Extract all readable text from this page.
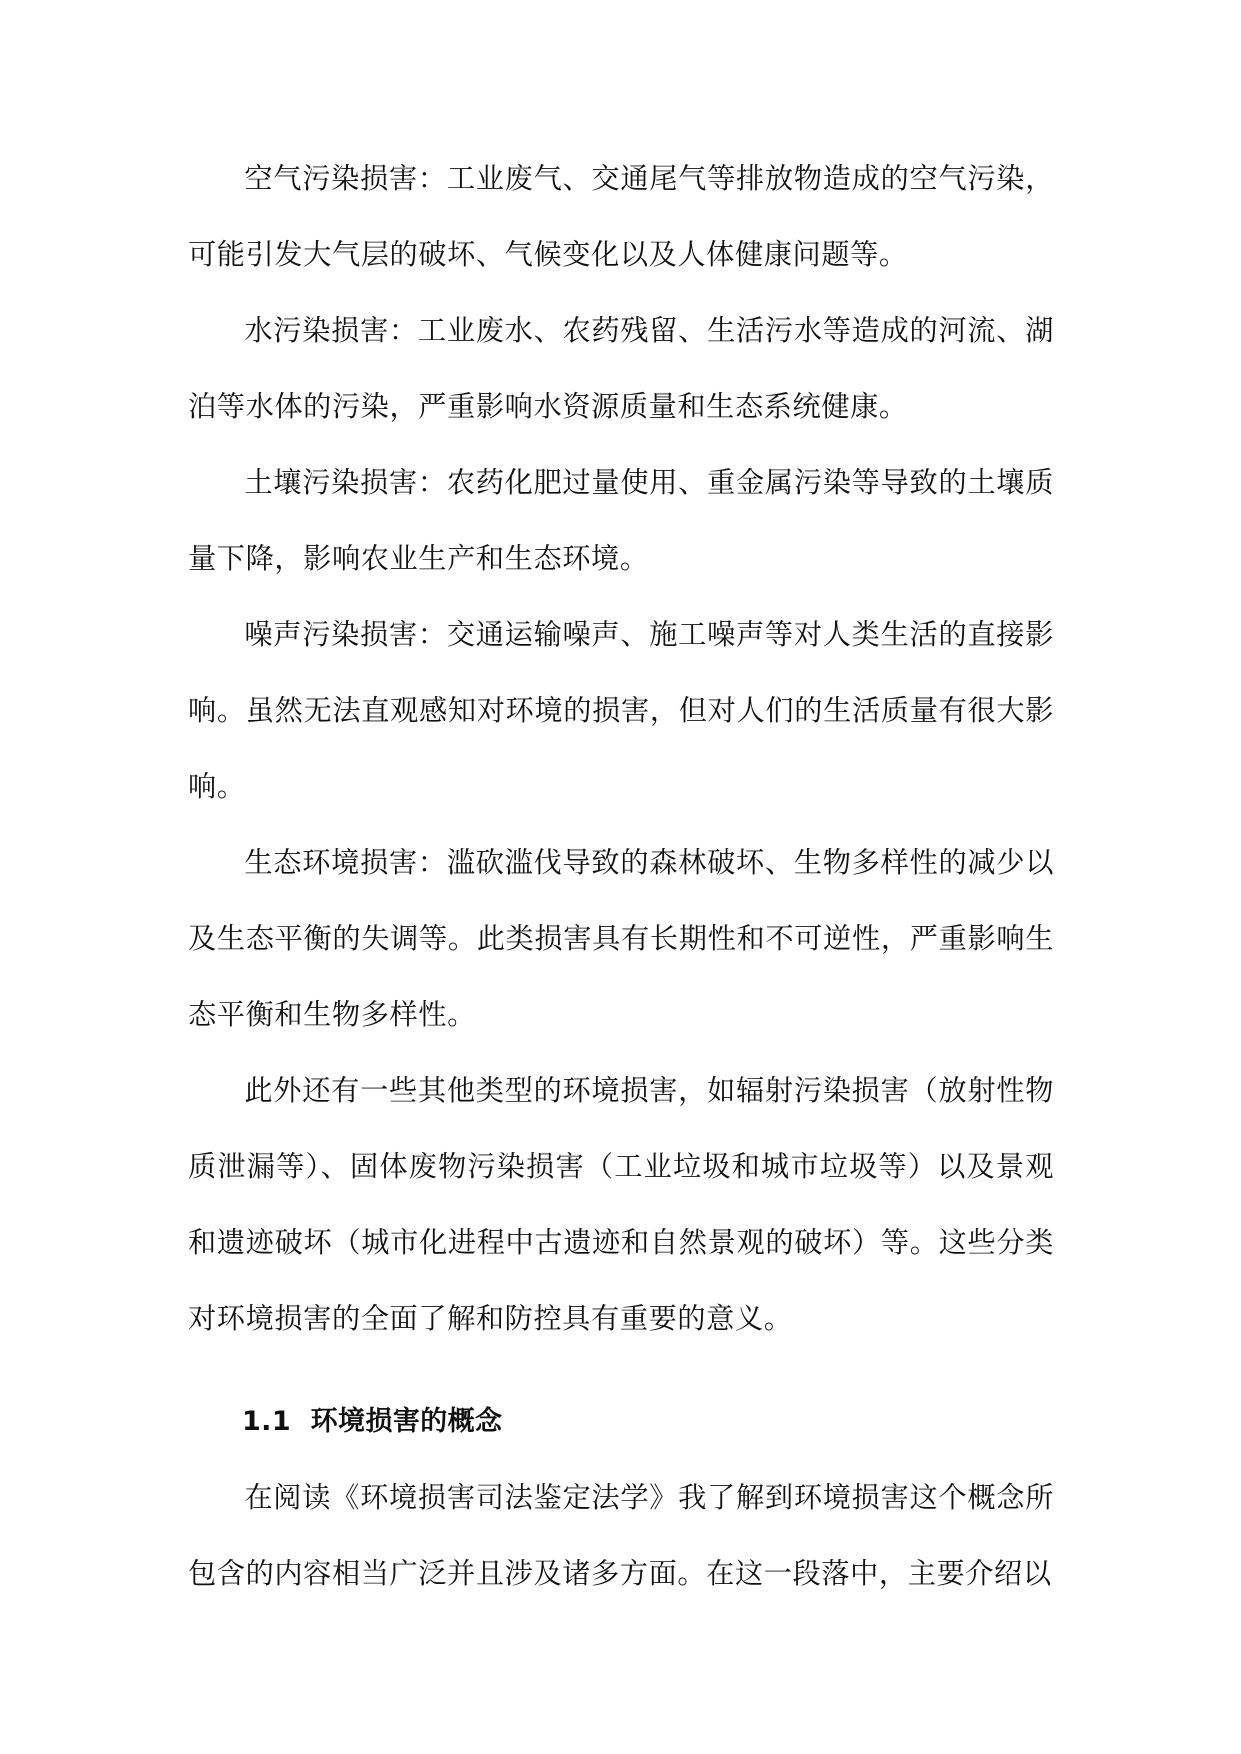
空气污染损害：工业废气、交通尾气等排放物造成的空气污染，可能引发大气层的破坏、气候变化以及人体健康问题等。

水污染损害：工业废水、农药残留、生活污水等造成的河流、湖泊等水体的污染，严重影响水资源质量和生态系统健康。

土壤污染损害：农药化肥过量使用、重金属污染等导致的土壤质量下降，影响农业生产和生态环境。

噪声污染损害：交通运输噪声、施工噪声等对人类生活的直接影响。虽然无法直观感知对环境的损害，但对人们的生活质量有很大影响。

生态环境损害：滥砍滥伐导致的森林破坏、生物多样性的减少以及生态平衡的失调等。此类损害具有长期性和不可逆性，严重影响生态平衡和生物多样性。

此外还有一些其他类型的环境损害，如辐射污染损害（放射性物质泄漏等）、固体废物污染损害（工业垃圾和城市垃圾等）以及景观和遗迹破坏（城市化进程中古遗迹和自然景观的破坏）等。这些分类对环境损害的全面了解和防控具有重要的意义。

1.1 环境损害的概念

在阅读《环境损害司法鉴定法学》我了解到环境损害这个概念所包含的内容相当广泛并且涉及诸多方面。在这一段落中，主要介绍以
